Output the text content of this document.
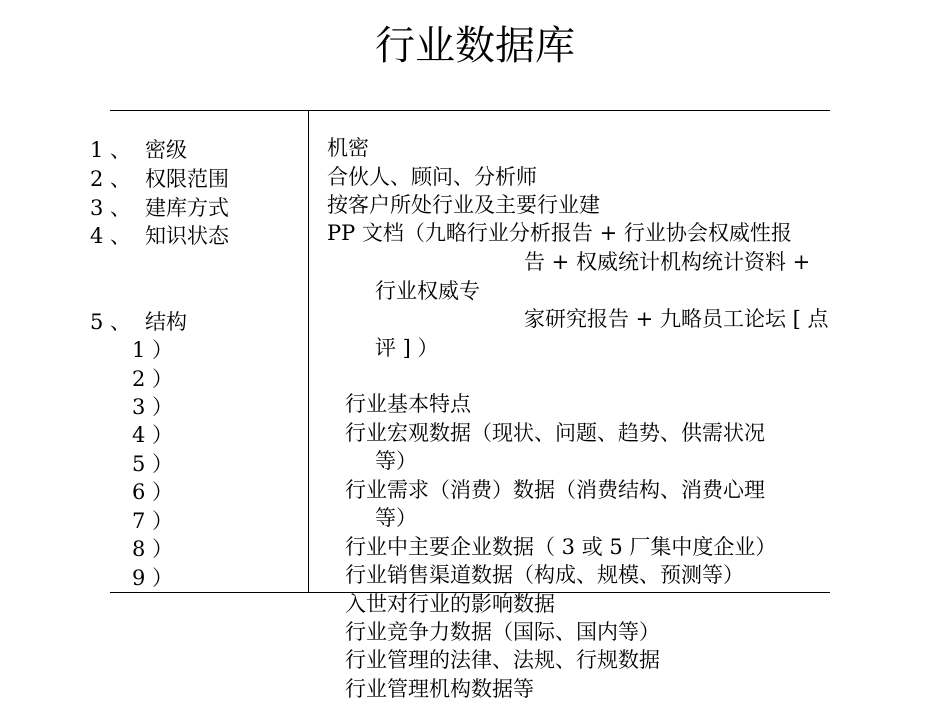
行业数据库
1 、 密级
2 、 权限范围
3 、 建库方式
4 、 知识状态
5 、 结构
1 ）
2 ）
3 ）
4 ）
5 ）
6 ）
7 ）
8 ）
9 ）
机密
合伙人、顾问、分析师
按客户所处行业及主要行业建
PP 文档（九略行业分析报告 + 行业协会权威性报
告 + 权威统计机构统计资料 +
行业权威专
家研究报告 + 九略员工论坛 [ 点
评 ] ）
行业基本特点
行业宏观数据（现状、问题、趋势、供需状况
等）
行业需求（消费）数据（消费结构、消费心理
等）
行业中主要企业数据（ 3 或 5 厂集中度企业）
行业销售渠道数据（构成、规模、预测等）
入世对行业的影响数据
行业竞争力数据（国际、国内等）
行业管理的法律、法规、行规数据
行业管理机构数据等
